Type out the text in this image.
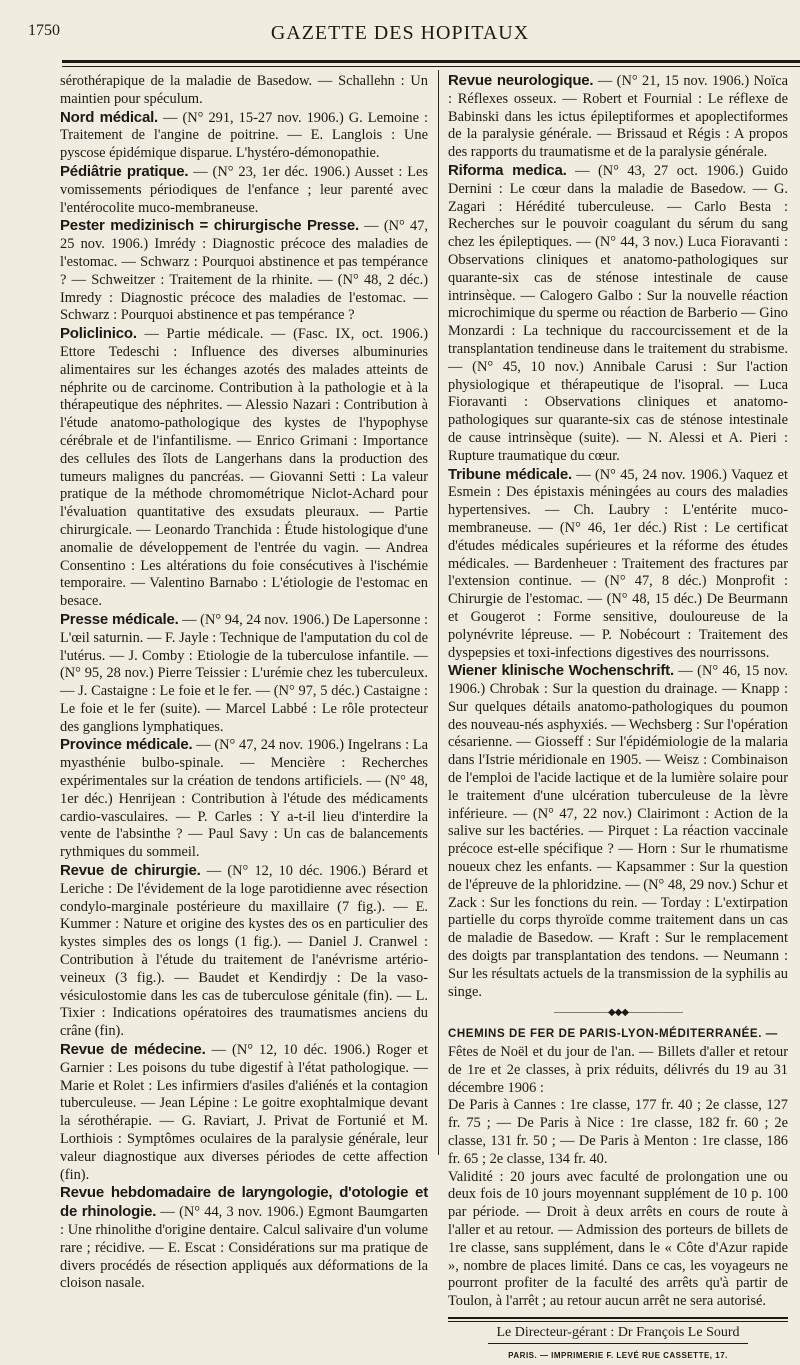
1750	GAZETTE DES HOPITAUX
sérothérapique de la maladie de Basedow. — Schallehn : Un maintien pour spéculum.
Nord médical. — (N° 291, 15-27 nov. 1906.) G. Lemoine : Traitement de l'angine de poitrine. — E. Langlois : Une pyscose épidémique disparue. L'hystéro-démonopathie.
Pédiâtrie pratique. — (N° 23, 1er déc. 1906.) Ausset : Les vomissements périodiques de l'enfance ; leur parenté avec l'entérocolite muco-membraneuse.
Pester medizinisch = chirurgische Presse. — (N° 47, 25 nov. 1906.) Imrédy : Diagnostic précoce des maladies de l'estomac. — Schwarz : Pourquoi abstinence et pas tempérance ? — Schweitzer : Traitement de la rhinite. — (N° 48, 2 déc.) Imredy : Diagnostic précoce des maladies de l'estomac. — Schwarz : Pourquoi abstinence et pas tempérance ?
Policlinico. — Partie médicale. — (Fasc. IX, oct. 1906.) Ettore Tedeschi : Influence des diverses albuminuries alimentaires sur les échanges azotés des malades atteints de néphrite ou de carcinome. Contribution à la pathologie et à la thérapeutique des néphrites. — Alessio Nazari : Contribution à l'étude anatomo-pathologique des kystes de l'hypophyse cérébrale et de l'infantilisme. — Enrico Grimani : Importance des cellules des îlots de Langerhans dans la production des tumeurs malignes du pancréas. — Giovanni Setti : La valeur pratique de la méthode chromométrique Niclot-Achard pour l'évaluation quantitative des exsudats pleuraux. — Partie chirurgicale. — Leonardo Tranchida : Étude histologique d'une anomalie de développement de l'entrée du vagin. — Andrea Consentino : Les altérations du foie consécutives à l'ischémie temporaire. — Valentino Barnabo : L'étiologie de l'estomac en besace.
Presse médicale. — (N° 94, 24 nov. 1906.) De Lapersonne : L'œil saturnin. — F. Jayle : Technique de l'amputation du col de l'utérus. — J. Comby : Etiologie de la tuberculose infantile. — (N° 95, 28 nov.) Pierre Teissier : L'urémie chez les tuberculeux. — J. Castaigne : Le foie et le fer. — (N° 97, 5 déc.) Castaigne : Le foie et le fer (suite). — Marcel Labbé : Le rôle protecteur des ganglions lymphatiques.
Province médicale. — (N° 47, 24 nov. 1906.) Ingelrans : La myasthénie bulbo-spinale. — Mencière : Recherches expérimentales sur la création de tendons artificiels. — (N° 48, 1er déc.) Henrijean : Contribution à l'étude des médicaments cardio-vasculaires. — P. Carles : Y a-t-il lieu d'interdire la vente de l'absinthe ? — Paul Savy : Un cas de balancements rythmiques du sommeil.
Revue de chirurgie. — (N° 12, 10 déc. 1906.) Bérard et Leriche : De l'évidement de la loge parotidienne avec résection condylo-marginale postérieure du maxillaire (7 fig.). — E. Kummer : Nature et origine des kystes des os en particulier des kystes simples des os longs (1 fig.). — Daniel J. Cranwel : Contribution à l'étude du traitement de l'anévrisme artério-veineux (3 fig.). — Baudet et Kendirdjy : De la vaso-vésiculostomie dans les cas de tuberculose génitale (fin). — L. Tixier : Indications opératoires des traumatismes anciens du crâne (fin).
Revue de médecine. — (N° 12, 10 déc. 1906.) Roger et Garnier : Les poisons du tube digestif à l'état pathologique. — Marie et Rolet : Les infirmiers d'asiles d'aliénés et la contagion tuberculeuse. — Jean Lépine : Le goitre exophtalmique devant la sérothérapie. — G. Raviart, J. Privat de Fortunié et M. Lorthiois : Symptômes oculaires de la paralysie générale, leur valeur diagnostique aux diverses périodes de cette affection (fin).
Revue hebdomadaire de laryngologie, d'otologie et de rhinologie. — (N° 44, 3 nov. 1906.) Egmont Baumgarten : Une rhinolithe d'origine dentaire. Calcul salivaire d'un volume rare ; récidive. — E. Escat : Considérations sur ma pratique de divers procédés de résection appliqués aux déformations de la cloison nasale.
Revue neurologique. — (N° 21, 15 nov. 1906.) Noïca : Réflexes osseux. — Robert et Fournial : Le réflexe de Babinski dans les ictus épileptiformes et apoplectiformes de la paralysie générale. — Brissaud et Régis : A propos des rapports du traumatisme et de la paralysie générale.
Riforma medica. — (N° 43, 27 oct. 1906.) Guido Dernini : Le cœur dans la maladie de Basedow. — G. Zagari : Hérédité tuberculeuse. — Carlo Besta : Recherches sur le pouvoir coagulant du sérum du sang chez les épileptiques. — (N° 44, 3 nov.) Luca Fioravanti : Observations cliniques et anatomo-pathologiques sur quarante-six cas de sténose intestinale de cause intrinsèque. — Calogero Galbo : Sur la nouvelle réaction microchimique du sperme ou réaction de Barberio — Gino Monzardi : La technique du raccourcissement et de la transplantation tendineuse dans le traitement du strabisme. — (N° 45, 10 nov.) Annibale Carusi : Sur l'action physiologique et thérapeutique de l'isopral. — Luca Fioravanti : Observations cliniques et anatomo-pathologiques sur quarante-six cas de sténose intestinale de cause intrinsèque (suite). — N. Alessi et A. Pieri : Rupture traumatique du cœur.
Tribune médicale. — (N° 45, 24 nov. 1906.) Vaquez et Esmein : Des épistaxis méningées au cours des maladies hypertensives. — Ch. Laubry : L'entérite muco-membraneuse. — (N° 46, 1er déc.) Rist : Le certificat d'études médicales supérieures et la réforme des études médicales. — Bardenheuer : Traitement des fractures par l'extension continue. — (N° 47, 8 déc.) Monprofit : Chirurgie de l'estomac. — (N° 48, 15 déc.) De Beurmann et Gougerot : Forme sensitive, douloureuse de la polynévrite lépreuse. — P. Nobécourt : Traitement des dyspepsies et toxi-infections digestives des nourrissons.
Wiener klinische Wochenschrift. — (N° 46, 15 nov. 1906.) Chrobak : Sur la question du drainage. — Knapp : Sur quelques détails anatomo-pathologiques du poumon des nouveau-nés asphyxiés. — Wechsberg : Sur l'opération césarienne. — Giosseff : Sur l'épidémiologie de la malaria dans l'Istrie méridionale en 1905. — Weisz : Combinaison de l'emploi de l'acide lactique et de la lumière solaire pour le traitement d'une ulcération tuberculeuse de la lèvre inférieure. — (N° 47, 22 nov.) Clairimont : Action de la salive sur les bactéries. — Pirquet : La réaction vaccinale précoce est-elle spécifique ? — Horn : Sur le rhumatisme noueux chez les enfants. — Kapsammer : Sur la question de l'épreuve de la phloridzine. — (N° 48, 29 nov.) Schur et Zack : Sur les fonctions du rein. — Torday : L'extirpation partielle du corps thyroïde comme traitement dans un cas de maladie de Basedow. — Kraft : Sur le remplacement des doigts par transplantation des tendons. — Neumann : Sur les résultats actuels de la transmission de la syphilis au singe.
——————◆◆◆——————
CHEMINS DE FER DE PARIS-LYON-MÉDITERRANÉE. —

Fêtes de Noël et du jour de l'an. — Billets d'aller et retour de 1re et 2e classes, à prix réduits, délivrés du 19 au 31 décembre 1906 :

De Paris à Cannes : 1re classe, 177 fr. 40 ; 2e classe, 127 fr. 75 ; — De Paris à Nice : 1re classe, 182 fr. 60 ; 2e classe, 131 fr. 50 ; — De Paris à Menton : 1re classe, 186 fr. 65 ; 2e classe, 134 fr. 40.

Validité : 20 jours avec faculté de prolongation une ou deux fois de 10 jours moyennant supplément de 10 p. 100 par période. — Droit à deux arrêts en cours de route à l'aller et au retour. — Admission des porteurs de billets de 1re classe, sans supplément, dans le « Côte d'Azur rapide », nombre de places limité. Dans ce cas, les voyageurs ne pourront profiter de la faculté des arrêts qu'à partir de Toulon, à l'arrêt ; au retour aucun arrêt ne sera autorisé.

Le Directeur-gérant : Dr François Le Sourd
PARIS. — IMPRIMERIE F. LEVÉ RUE CASSETTE, 17.
